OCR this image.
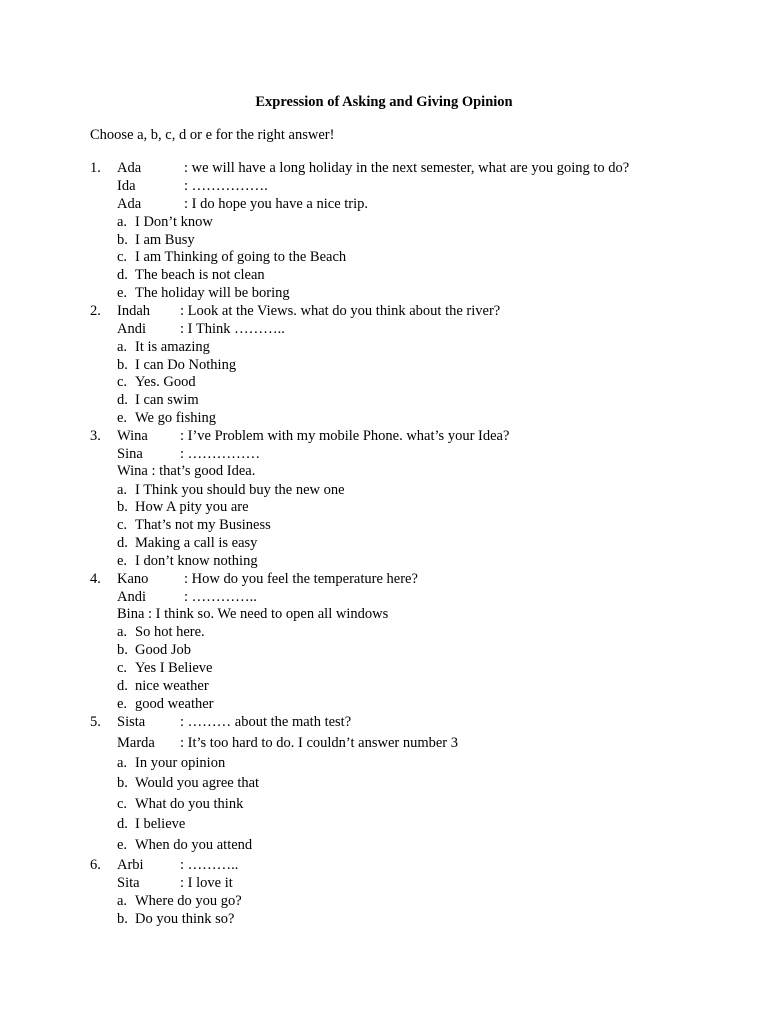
Expression of Asking and Giving Opinion
Choose a, b, c, d or e for the right answer!
1. Ada	: we will have a long holiday in the next semester, what are you going to do?
Ida	: …………….
Ada	: I do hope you have a nice trip.
a. I Don’t know
b. I am Busy
c. I am Thinking of going to the Beach
d. The beach is not clean
e. The holiday will be boring
2. Indah : Look at the Views. what do you think about the river?
Andi : I Think ………..
a. It is amazing
b. I can Do Nothing
c. Yes. Good
d. I can swim
e. We go fishing
3. Wina : I’ve Problem with my mobile Phone. what’s your Idea?
Sina	: ……………
Wina : that’s good Idea.
a. I Think you should buy the new one
b. How A pity you are
c. That’s not my Business
d. Making a call is easy
e. I don’t know nothing
4. Kano : How do you feel the temperature here?
Andi	: …………..
Bina : I think so. We need to open all windows
a. So hot here.
b. Good Job
c. Yes I Believe
d. nice weather
e. good weather
5. Sista : ……… about the math test?
Marda : It’s too hard to do. I couldn’t answer number 3
a. In your opinion
b. Would you agree that
c. What do you think
d. I believe
e. When do you attend
6. Arbi	: ………..
Sita	: I love it
a. Where do you go?
b. Do you think so?
